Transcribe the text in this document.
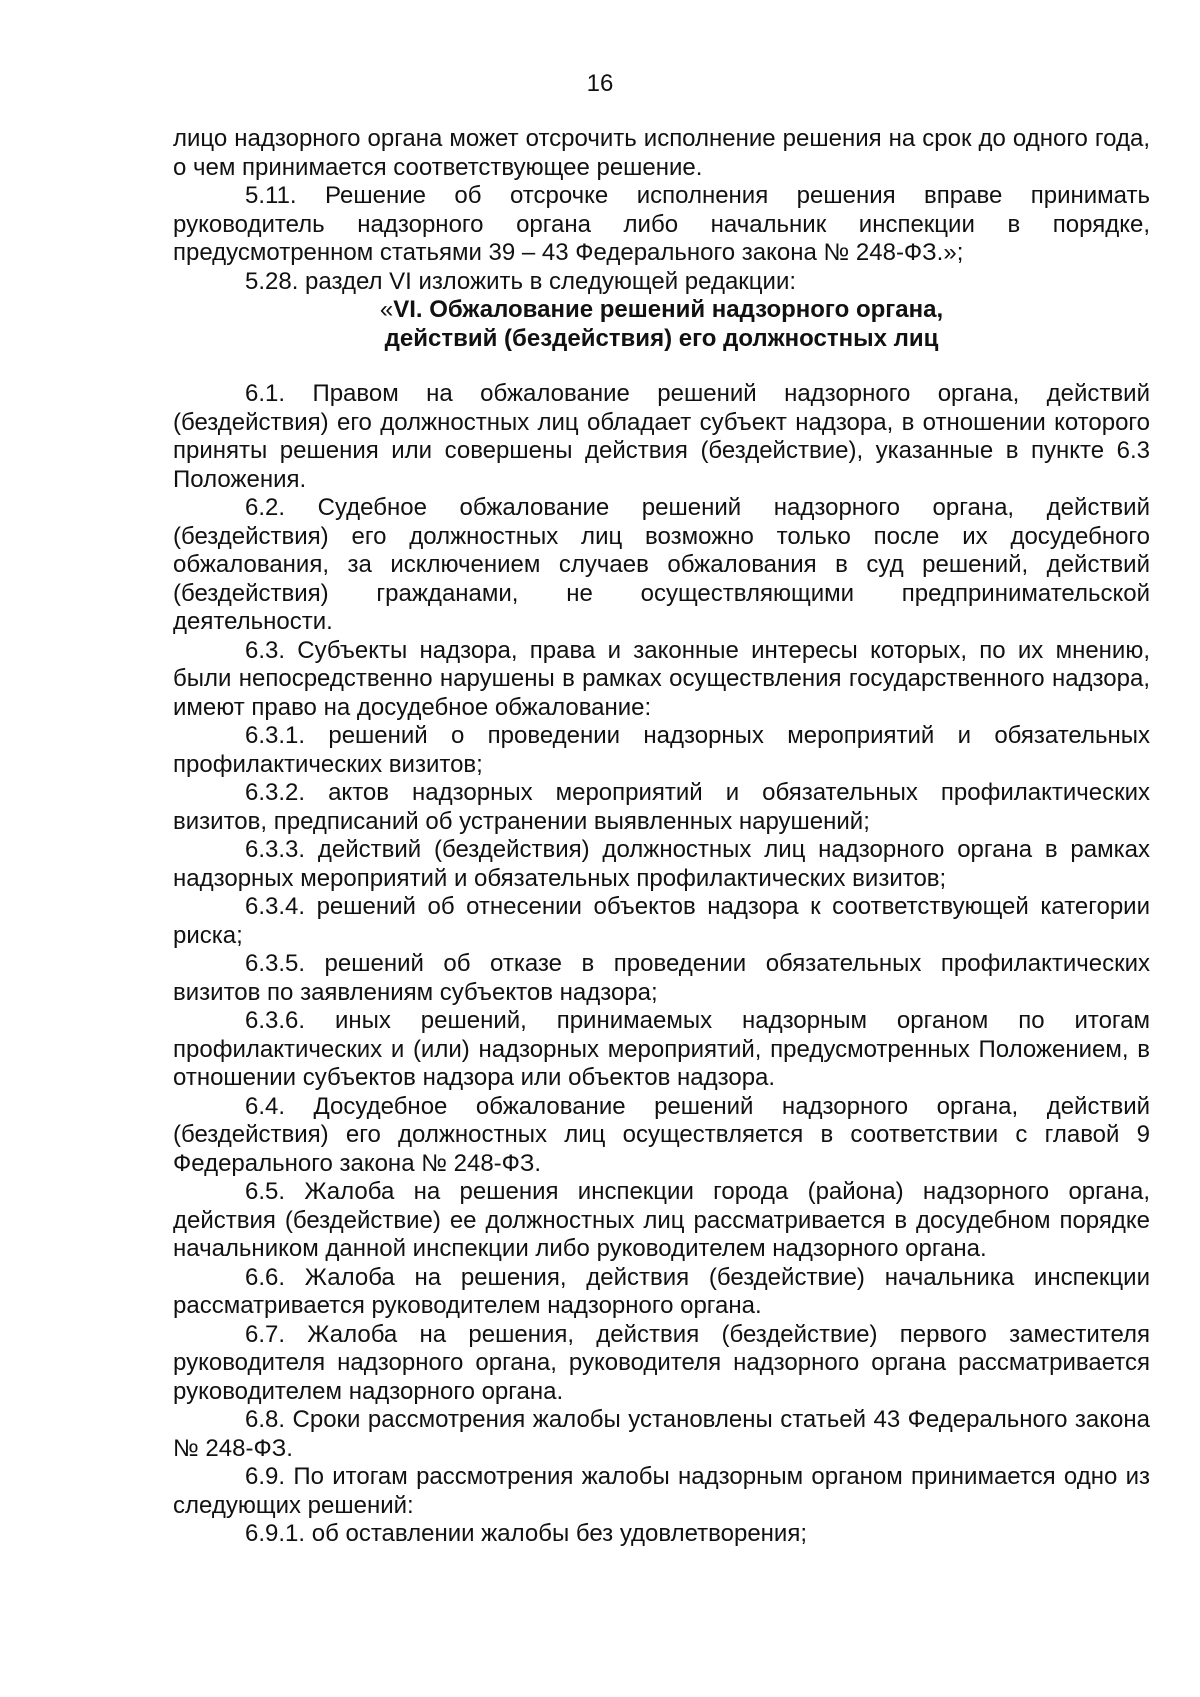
16

лицо надзорного органа может отсрочить исполнение решения на срок до одного года, о чем принимается соответствующее решение.

5.11. Решение об отсрочке исполнения решения вправе принимать руководитель надзорного органа либо начальник инспекции в порядке, предусмотренном статьями 39 – 43 Федерального закона № 248-ФЗ.»;

5.28. раздел VI изложить в следующей редакции:

«VI. Обжалование решений надзорного органа,
действий (бездействия) его должностных лиц

6.1. Правом на обжалование решений надзорного органа, действий (бездействия) его должностных лиц обладает субъект надзора, в отношении которого приняты решения или совершены действия (бездействие), указанные в пункте 6.3 Положения.

6.2. Судебное обжалование решений надзорного органа, действий (бездействия) его должностных лиц возможно только после их досудебного обжалования, за исключением случаев обжалования в суд решений, действий (бездействия) гражданами, не осуществляющими предпринимательской деятельности.

6.3. Субъекты надзора, права и законные интересы которых, по их мнению, были непосредственно нарушены в рамках осуществления государственного надзора, имеют право на досудебное обжалование:

6.3.1. решений о проведении надзорных мероприятий и обязательных профилактических визитов;

6.3.2. актов надзорных мероприятий и обязательных профилактических визитов, предписаний об устранении выявленных нарушений;

6.3.3. действий (бездействия) должностных лиц надзорного органа в рамках надзорных мероприятий и обязательных профилактических визитов;

6.3.4. решений об отнесении объектов надзора к соответствующей категории риска;

6.3.5. решений об отказе в проведении обязательных профилактических визитов по заявлениям субъектов надзора;

6.3.6. иных решений, принимаемых надзорным органом по итогам профилактических и (или) надзорных мероприятий, предусмотренных Положением, в отношении субъектов надзора или объектов надзора.

6.4. Досудебное обжалование решений надзорного органа, действий (бездействия) его должностных лиц осуществляется в соответствии с главой 9 Федерального закона № 248-ФЗ.

6.5. Жалоба на решения инспекции города (района) надзорного органа, действия (бездействие) ее должностных лиц рассматривается в досудебном порядке начальником данной инспекции либо руководителем надзорного органа.

6.6. Жалоба на решения, действия (бездействие) начальника инспекции рассматривается руководителем надзорного органа.

6.7. Жалоба на решения, действия (бездействие) первого заместителя руководителя надзорного органа, руководителя надзорного органа рассматривается руководителем надзорного органа.

6.8. Сроки рассмотрения жалобы установлены статьей 43 Федерального закона № 248-ФЗ.

6.9. По итогам рассмотрения жалобы надзорным органом принимается одно из следующих решений:

6.9.1. об оставлении жалобы без удовлетворения;
